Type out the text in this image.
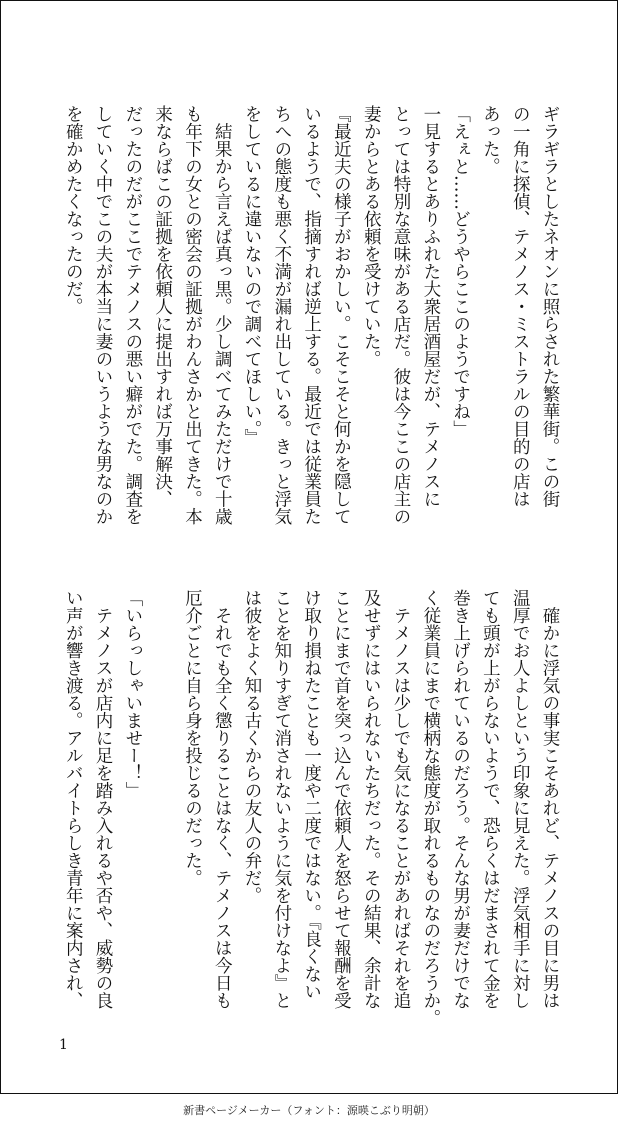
ギラギラとしたネオンに照らされた繁華街。この街
の一角に探偵、テメノス・ミストラルの目的の店は
あった。
「えぇと……どうやらここのようですね」
一見するとありふれた大衆居酒屋だが、テメノスに
とっては特別な意味がある店だ。彼は今ここの店主の
妻からとある依頼を受けていた。
『最近夫の様子がおかしい。こそこそと何かを隠して
いるようで、指摘すれば逆上する。最近では従業員た
ちへの態度も悪く不満が漏れ出している。きっと浮気
をしているに違いないので調べてほしい。』
　結果から言えば真っ黒。少し調べてみただけで十歳
も年下の女との密会の証拠がわんさかと出てきた。本
来ならばこの証拠を依頼人に提出すれば万事解決、
だったのだがここでテメノスの悪い癖がでた。調査を
していく中でこの夫が本当に妻のいうような男なのか
を確かめたくなったのだ。
　確かに浮気の事実こそあれど、テメノスの目に男は
温厚でお人よしという印象に見えた。浮気相手に対し
ても頭が上がらないようで、恐らくはだまされて金を
巻き上げられているのだろう。そんな男が妻だけでな
く従業員にまで横柄な態度が取れるものなのだろうか。
　テメノスは少しでも気になることがあればそれを追
及せずにはいられないたちだった。その結果、余計な
ことにまで首を突っ込んで依頼人を怒らせて報酬を受
け取り損ねたことも一度や二度ではない。『良くない
ことを知りすぎて消されないように気を付けなよ』と
は彼をよく知る古くからの友人の弁だ。
　それでも全く懲りることはなく、テメノスは今日も
厄介ごとに自ら身を投じるのだった。

「いらっしゃいませー！」
　テメノスが店内に足を踏み入れるや否や、威勢の良
い声が響き渡る。アルバイトらしき青年に案内され、
1
新書ページメーカー（フォント：源暎こぶり明朝）
